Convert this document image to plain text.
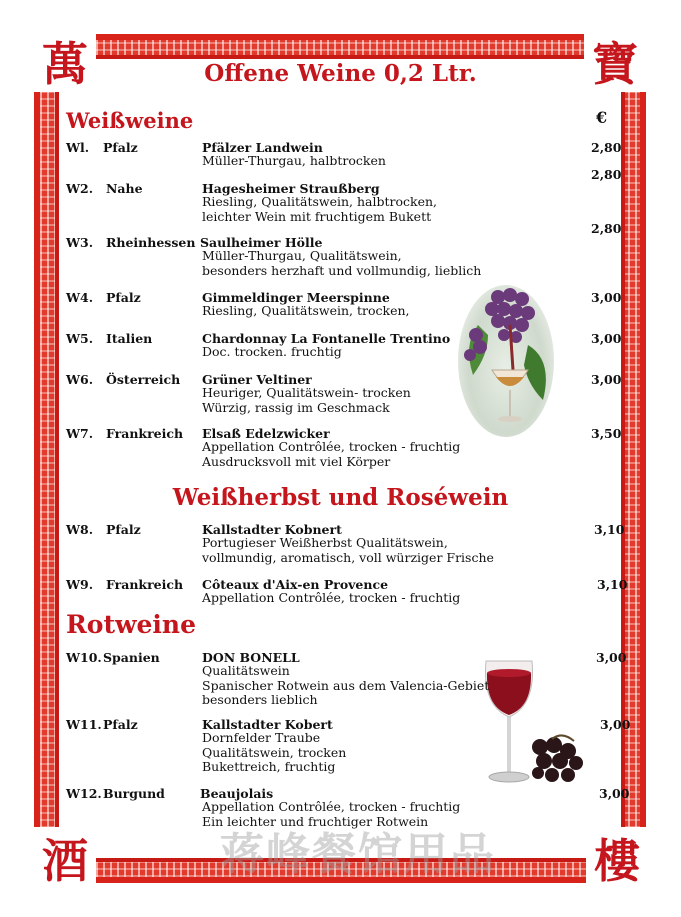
萬	寶
酒	樓
Offene Weine 0,2 Ltr.
Weißweine	€
Weißherbst und Roséwein
Rotweine
Wl. Pfalz	Pfälzer Landwein
Müller-Thurgau, halbtrocken
2,80
W2. Nahe	Hagesheimer Straußberg
Riesling, Qualitätswein, halbtrocken,
leichter Wein mit fruchtigem Bukett
2,80
W3. Rheinhessen Saulheimer Hölle
Müller-Thurgau, Qualitätswein,
besonders herzhaft und vollmundig, lieblich
2,80
W4. Pfalz	Gimmeldinger Meerspinne
Riesling, Qualitätswein, trocken,
3,00
W5. Italien	Chardonnay La Fontanelle Trentino
Doc. trocken. fruchtig
3,00
W6. Österreich Grüner Veltiner
Heuriger, Qualitätswein- trocken
Würzig, rassig im Geschmack
3,00
W7. Frankreich Elsaß Edelzwicker
Appellation Contrôlée, trocken - fruchtig
Ausdrucksvoll mit viel Körper
3,50
W8. Pfalz	Kallstadter Kobnert
Portugieser Weißherbst Qualitätswein,
vollmundig, aromatisch, voll würziger Frische
3,10
W9. Frankreich Côteaux d'Aix-en Provence
Appellation Contrôlée, trocken - fruchtig
3,10
W10. Spanien	DON BONELL
Qualitätswein
Spanischer Rotwein aus dem Valencia-Gebiet
besonders lieblich
3,00
W11. Pfalz	Kallstadter Kobert
Dornfelder Traube
Qualitätswein, trocken
Bukettreich, fruchtig
3,00
W12. Burgund	Beaujolais
Appellation Contrôlée, trocken - fruchtig
Ein leichter und fruchtiger Rotwein
3,00
蒋峰餐馆用品
